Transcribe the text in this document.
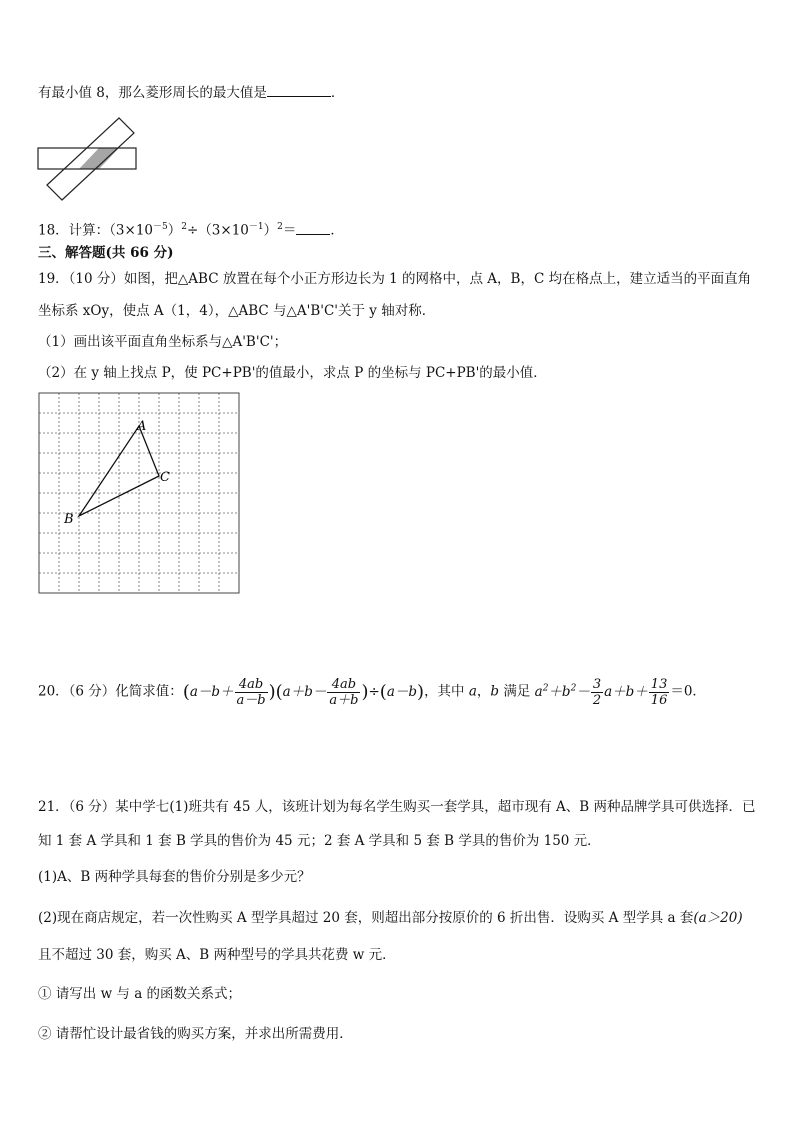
有最小值 8，那么菱形周长的最大值是	．
18．计算：$(3\times 10^{-5})^2\div(3\times 10^{-1})^2=$	．
三、解答题(共 66 分)
19．（10 分）如图，把△ABC 放置在每个小正方形边长为 1 的网格中，点 A，B，C 均在格点上，建立适当的平面直角
坐标系 xOy，使点 A（1，4），△ABC 与△A'B'C'关于 y 轴对称．
（1）画出该平面直角坐标系与△A'B'C'；
（2）在 y 轴上找点 P，使 PC+PB'的值最小，求点 P 的坐标与 PC+PB'的最小值．
A
B
C
20．（6 分）化简求值：$(a-b+ \frac{4ab}{a-b} )(a+b- \frac{4ab}{a+b} )\div(a-b)$，其中 a，b 满足 $a^2+b^2- \frac{3}{2} a+b+ \frac{13}{16} =0$．
21．（6 分）某中学七(1)班共有 45 人，该班计划为每名学生购买一套学具，超市现有 A、B 两种品牌学具可供选择．已
知 1 套 A 学具和 1 套 B 学具的售价为 45 元；2 套 A 学具和 5 套 B 学具的售价为 150 元．
(1)A、B 两种学具每套的售价分别是多少元？
(2)现在商店规定，若一次性购买 A 型学具超过 20 套，则超出部分按原价的 6 折出售．设购买 A 型学具 a 套(a＞20)
且不超过 30 套，购买 A、B 两种型号的学具共花费 w 元．
① 请写出 w 与 a 的函数关系式；
② 请帮忙设计最省钱的购买方案，并求出所需费用．
